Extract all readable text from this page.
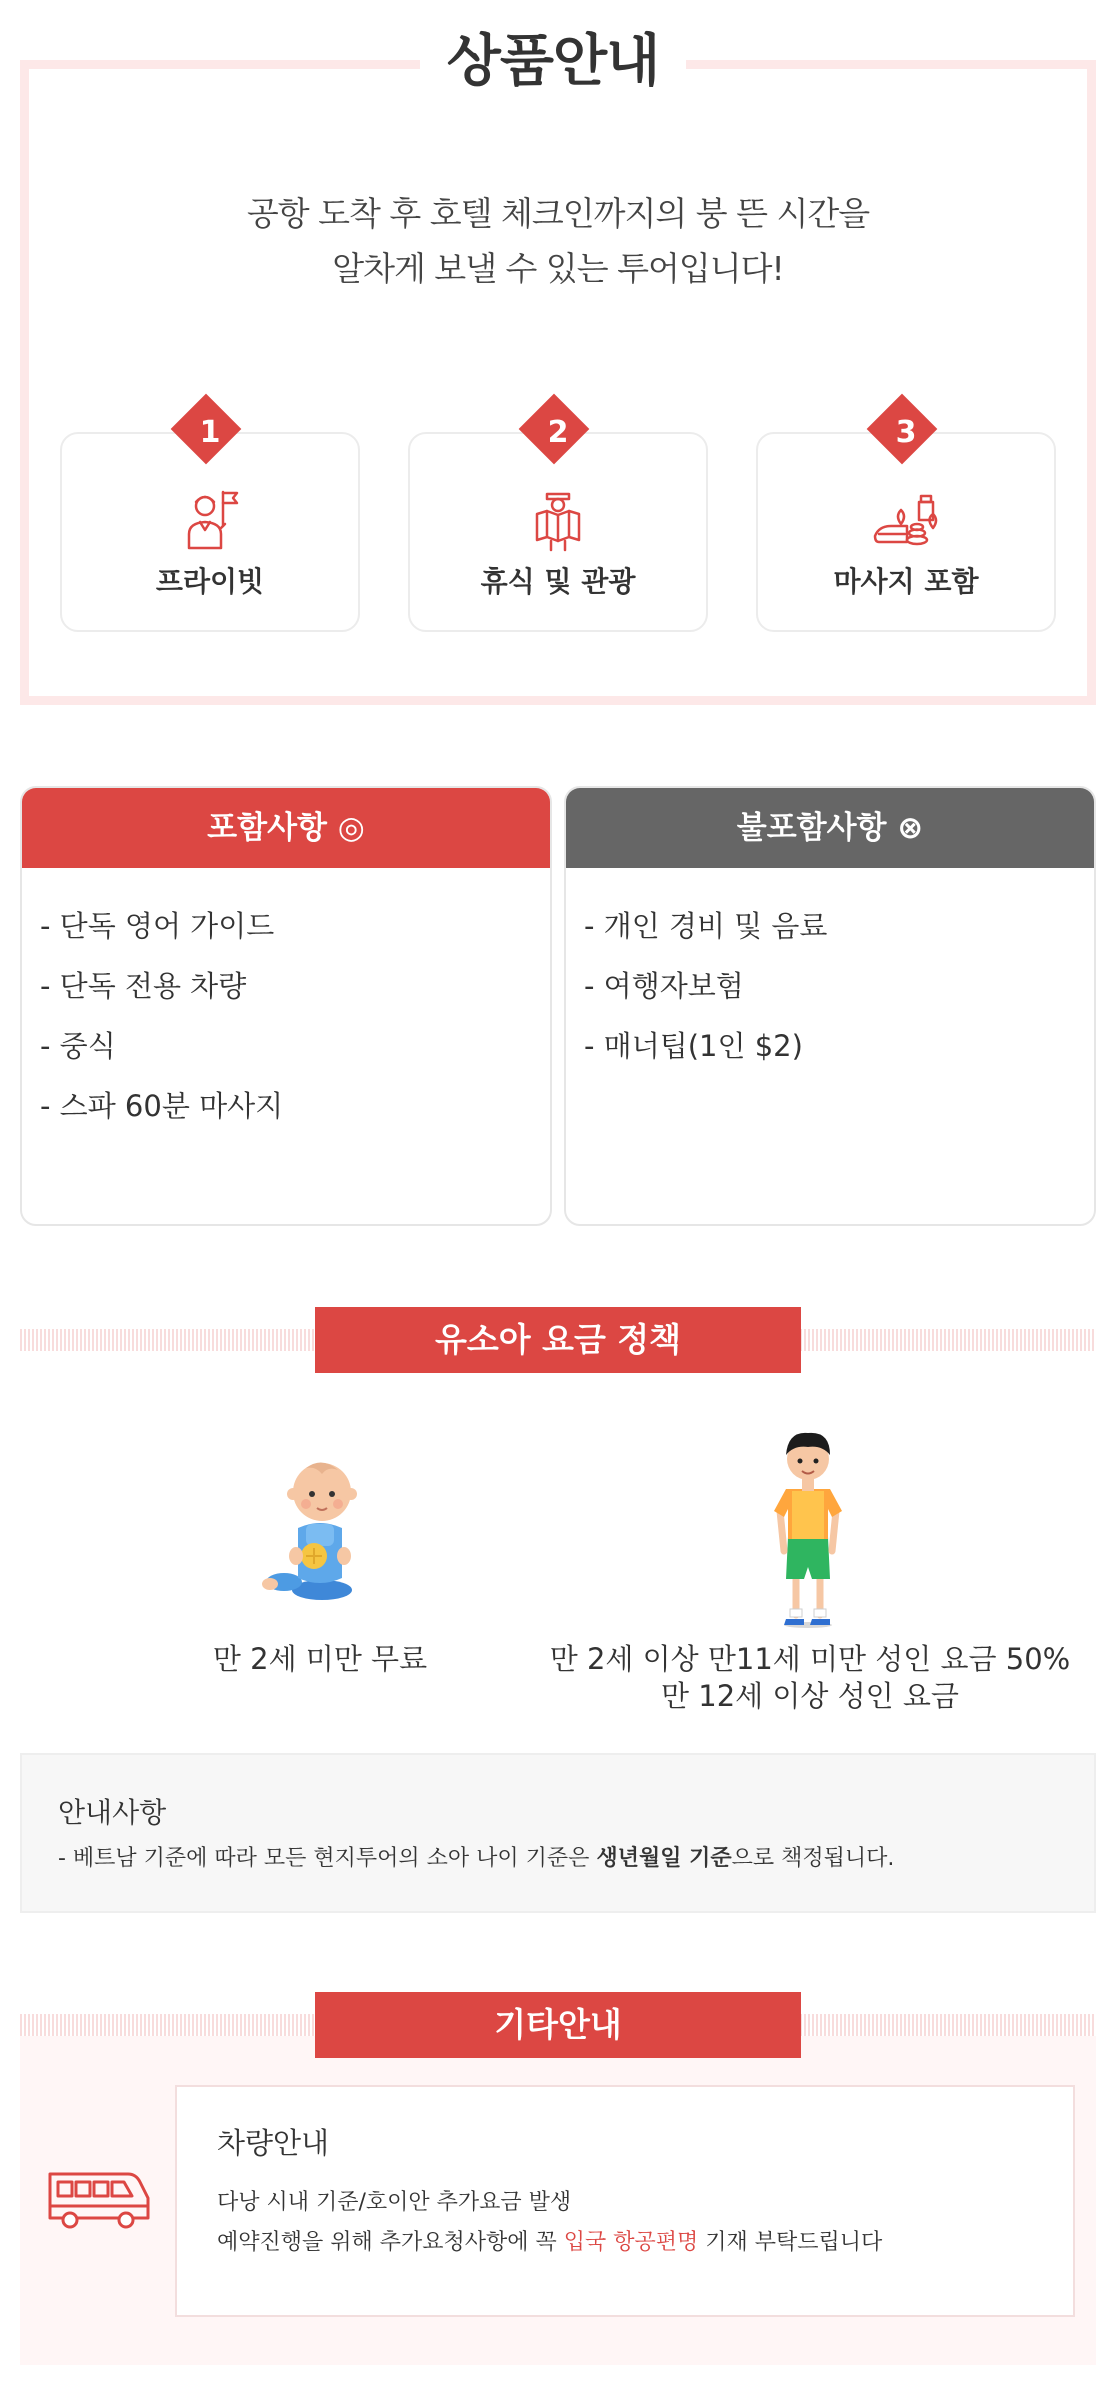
상품안내
공항 도착 후 호텔 체크인까지의 붕 뜬 시간을
알차게 보낼 수 있는 투어입니다!
1
프라이빗
2
휴식 및 관광
3
마사지 포함
포함사항 ◎
- 단독 영어 가이드
- 단독 전용 차량
- 중식
- 스파 60분 마사지
불포함사항 ⊗
- 개인 경비 및 음료
- 여행자보험
- 매너팁(1인 $2)
유소아 요금 정책
만 2세 미만 무료	만 2세 이상 만11세 미만 성인 요금 50%
만 12세 이상 성인 요금
안내사항
- 베트남 기준에 따라 모든 현지투어의 소아 나이 기준은 생년월일 기준으로 책정됩니다.
기타안내
차량안내
다낭 시내 기준/호이안 추가요금 발생
예약진행을 위해 추가요청사항에 꼭 입국 항공편명 기재 부탁드립니다
